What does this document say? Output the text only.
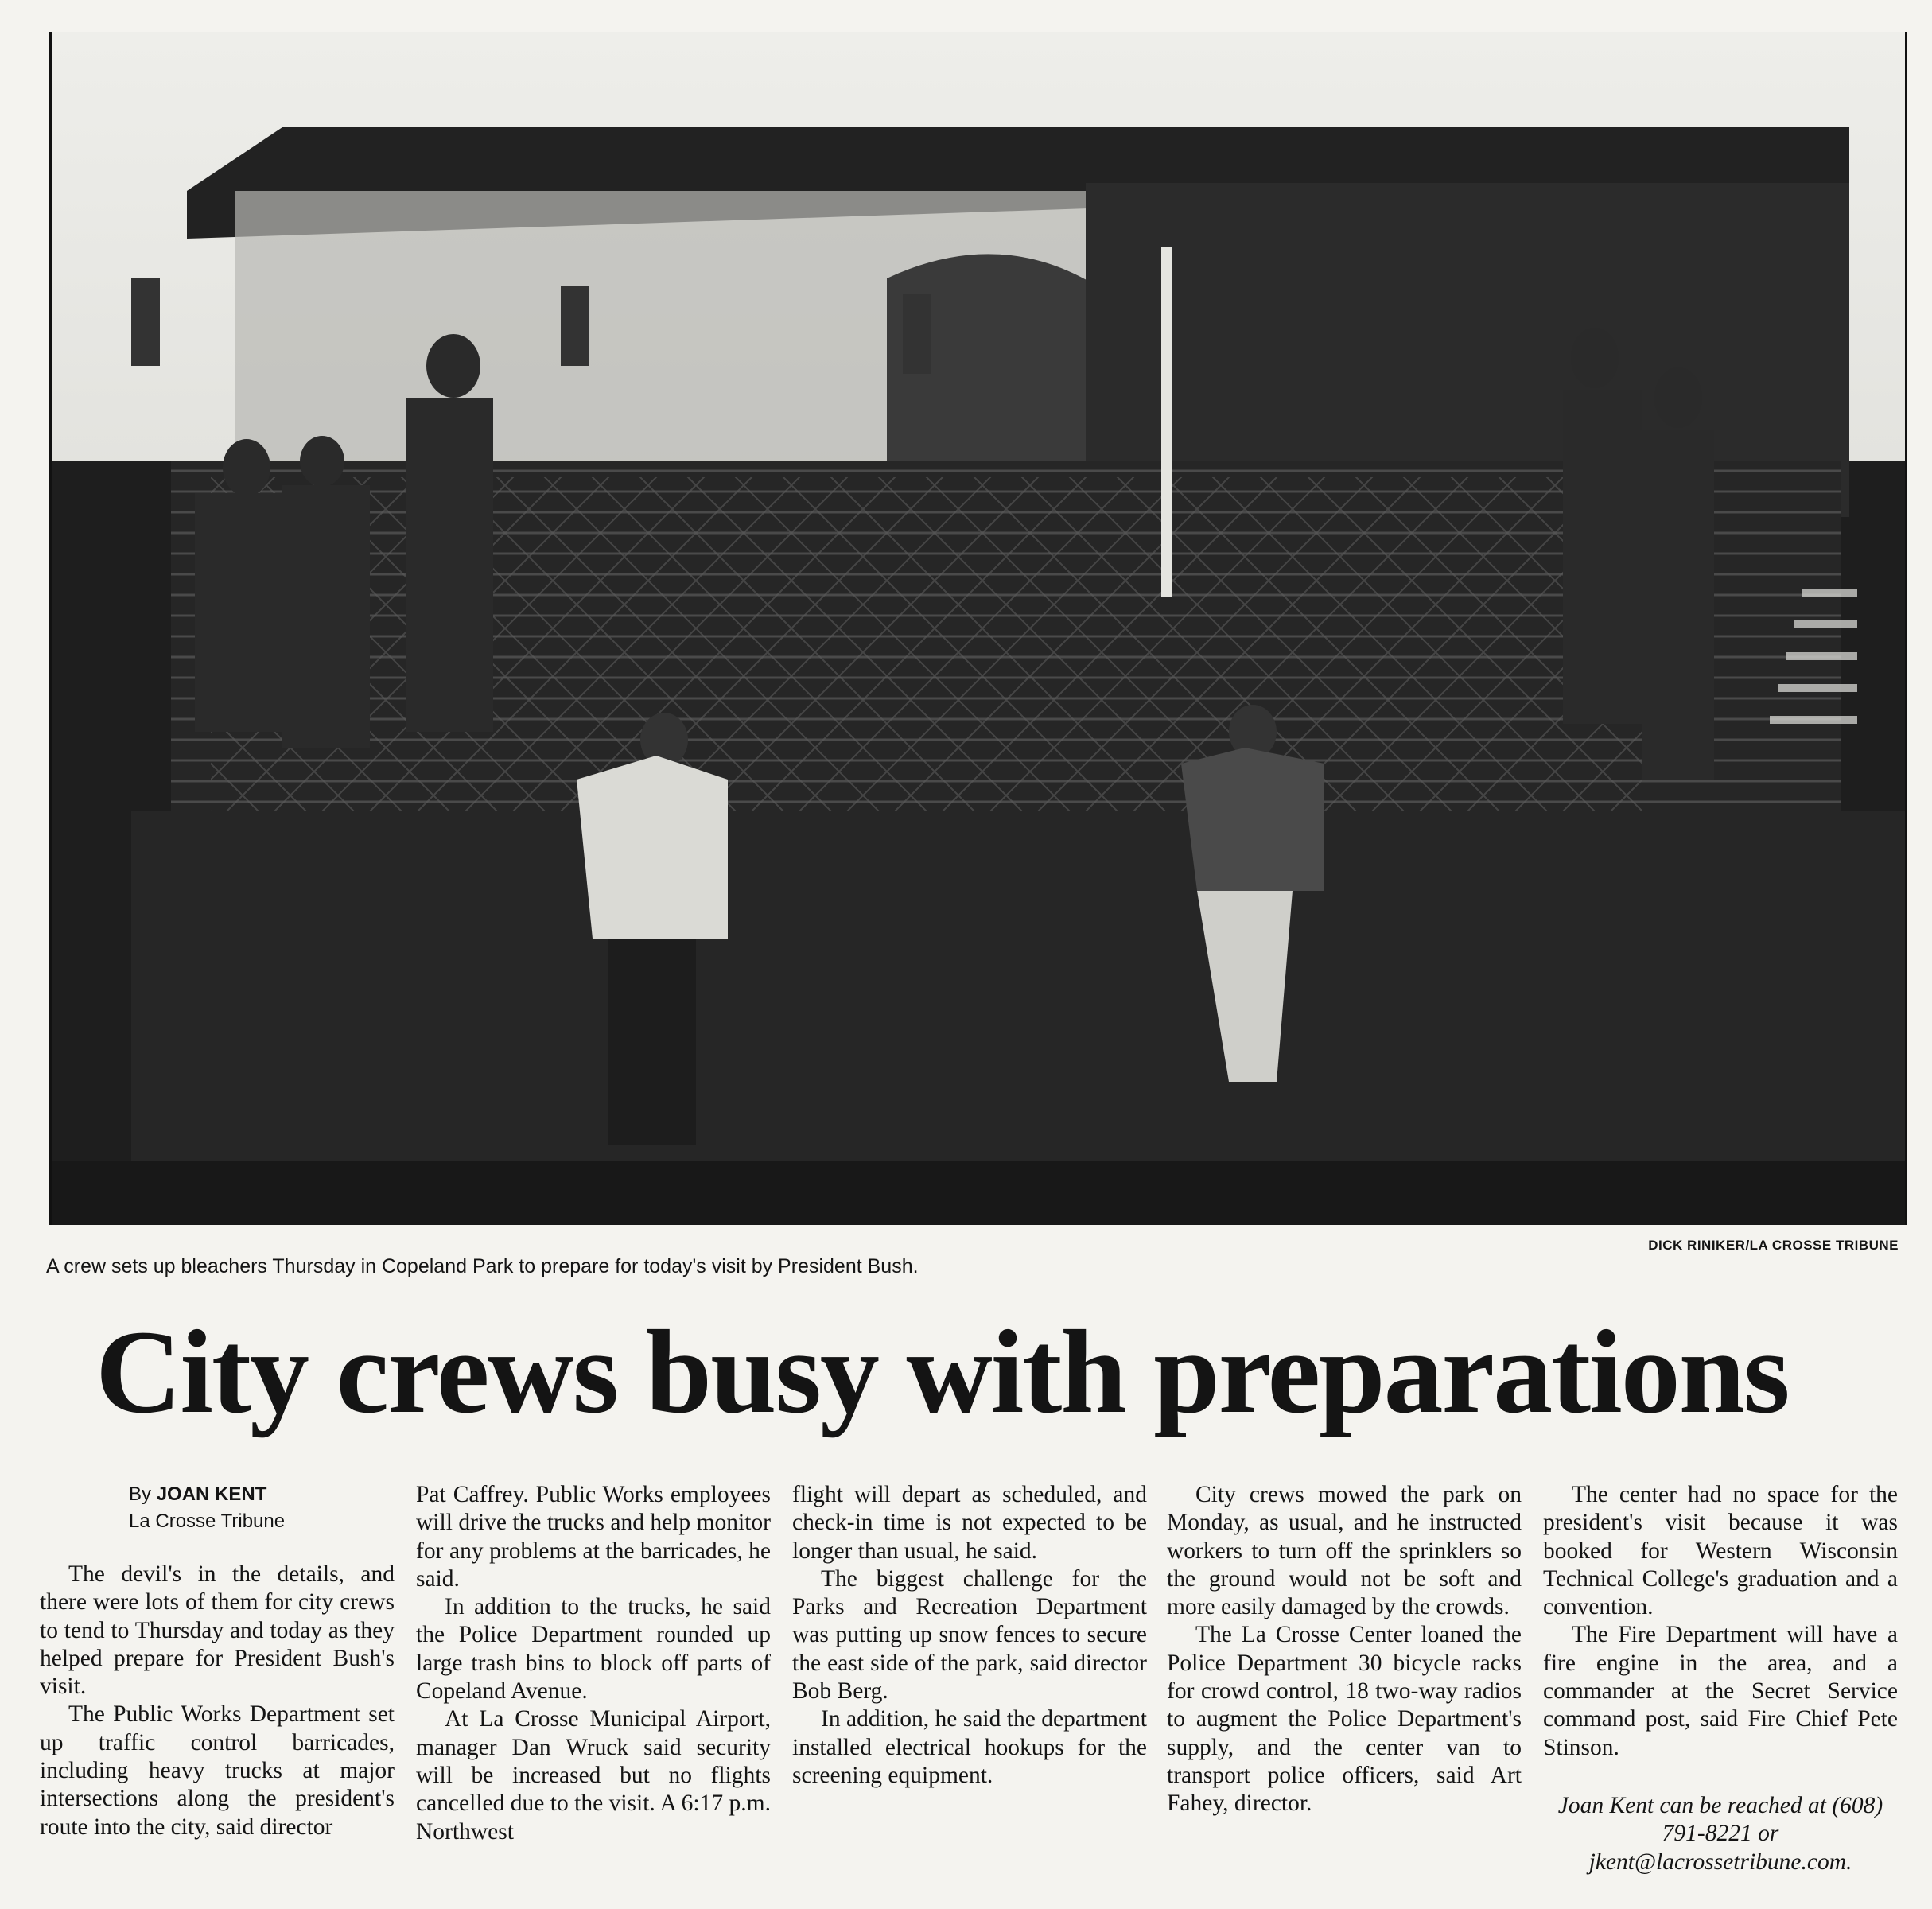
DICK RINIKER/LA CROSSE TRIBUNE
A crew sets up bleachers Thursday in Copeland Park to prepare for today's visit by President Bush.
City crews busy with preparations
By JOAN KENT
La Crosse Tribune

The devil's in the details, and there were lots of them for city crews to tend to Thursday and today as they helped prepare for President Bush's visit.

The Public Works Department set up traffic control barricades, including heavy trucks at major intersections along the president's route into the city, said director

Pat Caffrey. Public Works employees will drive the trucks and help monitor for any problems at the barricades, he said.

In addition to the trucks, he said the Police Department rounded up large trash bins to block off parts of Copeland Avenue.

At La Crosse Municipal Airport, manager Dan Wruck said security will be increased but no flights cancelled due to the visit. A 6:17 p.m. Northwest

flight will depart as scheduled, and check-in time is not expected to be longer than usual, he said.

The biggest challenge for the Parks and Recreation Department was putting up snow fences to secure the east side of the park, said director Bob Berg.

In addition, he said the department installed electrical hookups for the screening equipment.

City crews mowed the park on Monday, as usual, and he instructed workers to turn off the sprinklers so the ground would not be soft and more easily damaged by the crowds.

The La Crosse Center loaned the Police Department 30 bicycle racks for crowd control, 18 two-way radios to augment the Police Department's supply, and the center van to transport police officers, said Art Fahey, director.

The center had no space for the president's visit because it was booked for Western Wisconsin Technical College's graduation and a convention.

The Fire Department will have a fire engine in the area, and a commander at the Secret Service command post, said Fire Chief Pete Stinson.

Joan Kent can be reached at (608) 791-8221 or jkent@lacrossetribune.com.
